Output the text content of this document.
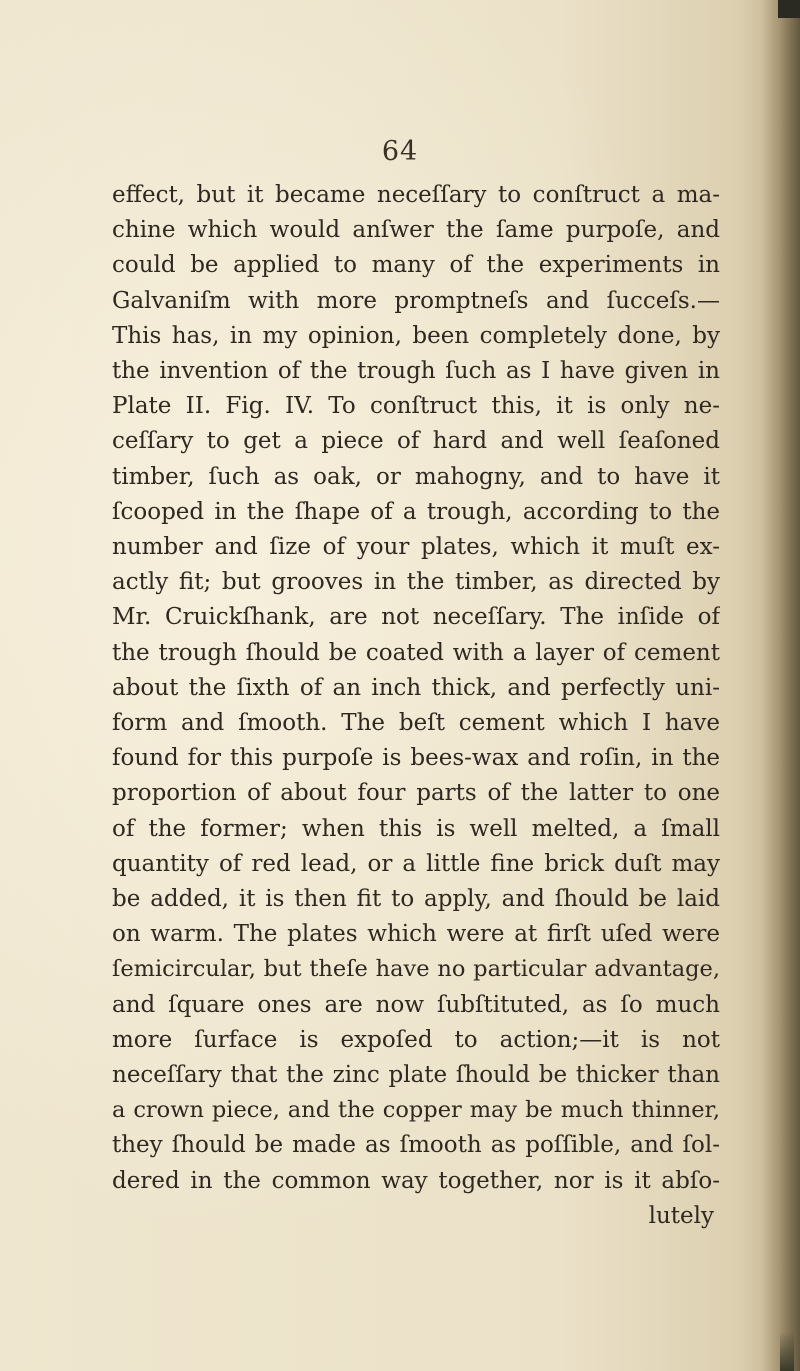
64
effect, but it became neceſſary to conſtruct a ma-
chine which would anſwer the ſame purpoſe, and
could be applied to many of the experiments in
Galvaniſm with more promptneſs and ſucceſs.—
This has, in my opinion, been completely done, by
the invention of the trough ſuch as I have given in
Plate II. Fig. IV. To conſtruct this, it is only ne-
ceſſary to get a piece of hard and well ſeaſoned
timber, ſuch as oak, or mahogny, and to have it
ſcooped in the ſhape of a trough, according to the
number and ſize of your plates, which it muſt ex-
actly fit; but grooves in the timber, as directed by
Mr. Cruickſhank, are not neceſſary. The inſide of
the trough ſhould be coated with a layer of cement
about the ſixth of an inch thick, and perfectly uni-
form and ſmooth. The beſt cement which I have
found for this purpoſe is bees-wax and roſin, in the
proportion of about four parts of the latter to one
of the former; when this is well melted, a ſmall
quantity of red lead, or a little fine brick duſt may
be added, it is then fit to apply, and ſhould be laid
on warm. The plates which were at firſt uſed were
ſemicircular, but theſe have no particular advantage,
and ſquare ones are now ſubſtituted, as ſo much
more ſurface is expoſed to action;—it is not
neceſſary that the zinc plate ſhould be thicker than
a crown piece, and the copper may be much thinner,
they ſhould be made as ſmooth as poſſible, and ſol-
dered in the common way together, nor is it abſo-
lutely
